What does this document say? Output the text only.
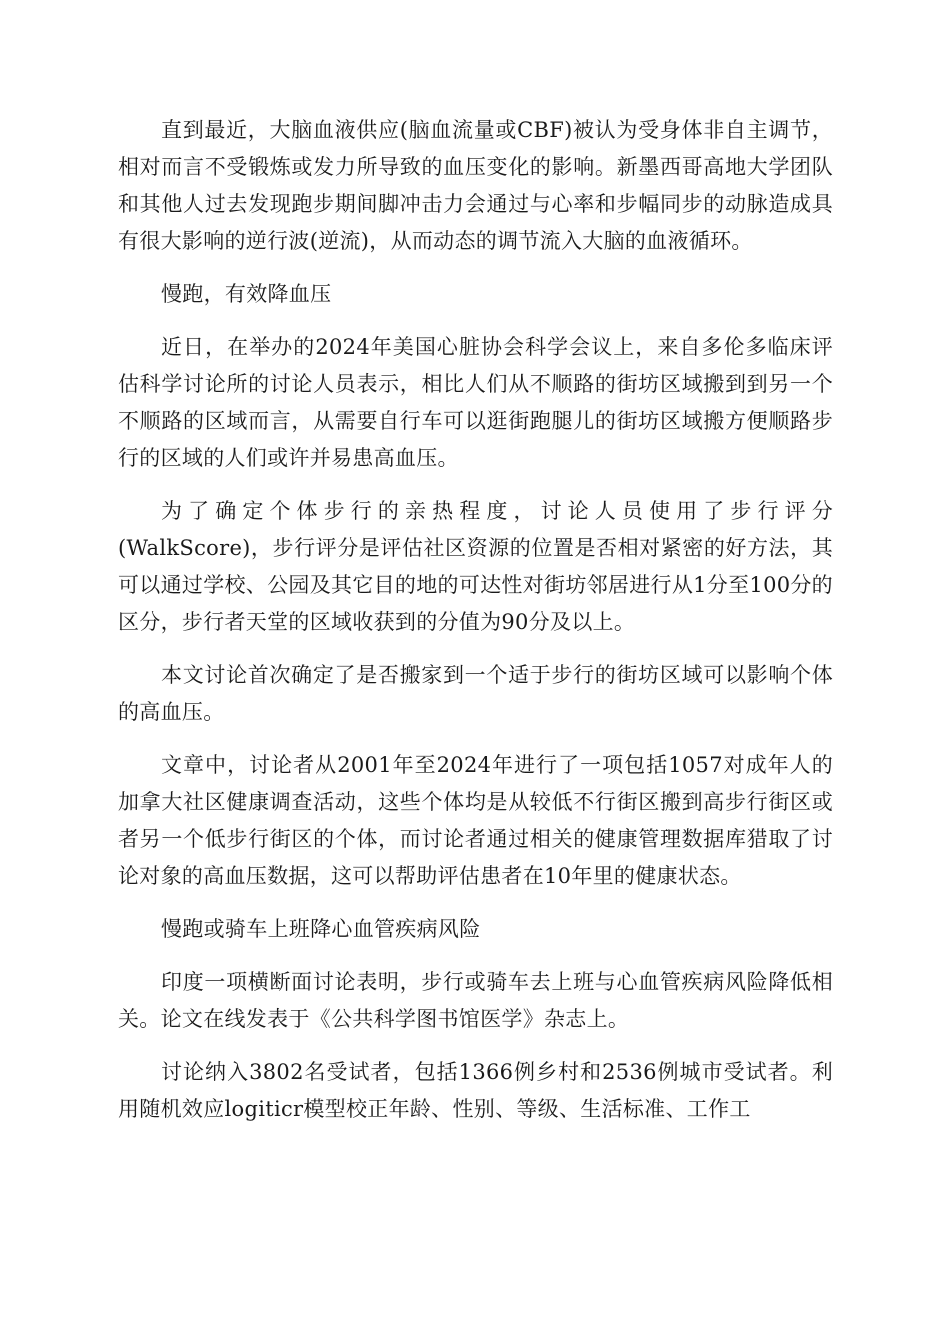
直到最近，大脑血液供应(脑血流量或CBF)被认为受身体非自主调节，相对而言不受锻炼或发力所导致的血压变化的影响。新墨西哥高地大学团队和其他人过去发现跑步期间脚冲击力会通过与心率和步幅同步的动脉造成具有很大影响的逆行波(逆流)，从而动态的调节流入大脑的血液循环。

慢跑，有效降血压

近日，在举办的2024年美国心脏协会科学会议上，来自多伦多临床评估科学讨论所的讨论人员表示，相比人们从不顺路的街坊区域搬到到另一个不顺路的区域而言，从需要自行车可以逛街跑腿儿的街坊区域搬方便顺路步行的区域的人们或许并易患高血压。

为了确定个体步行的亲热程度，讨论人员使用了步行评分(WalkScore)，步行评分是评估社区资源的位置是否相对紧密的好方法，其可以通过学校、公园及其它目的地的可达性对街坊邻居进行从1分至100分的区分，步行者天堂的区域收获到的分值为90分及以上。

本文讨论首次确定了是否搬家到一个适于步行的街坊区域可以影响个体的高血压。

文章中，讨论者从2001年至2024年进行了一项包括1057对成年人的加拿大社区健康调查活动，这些个体均是从较低不行街区搬到高步行街区或者另一个低步行街区的个体，而讨论者通过相关的健康管理数据库猎取了讨论对象的高血压数据，这可以帮助评估患者在10年里的健康状态。

慢跑或骑车上班降心血管疾病风险

印度一项横断面讨论表明，步行或骑车去上班与心血管疾病风险降低相关。论文在线发表于《公共科学图书馆医学》杂志上。

讨论纳入3802名受试者，包括1366例乡村和2536例城市受试者。利用随机效应logiticr模型校正年龄、性别、等级、生活标准、工作工
